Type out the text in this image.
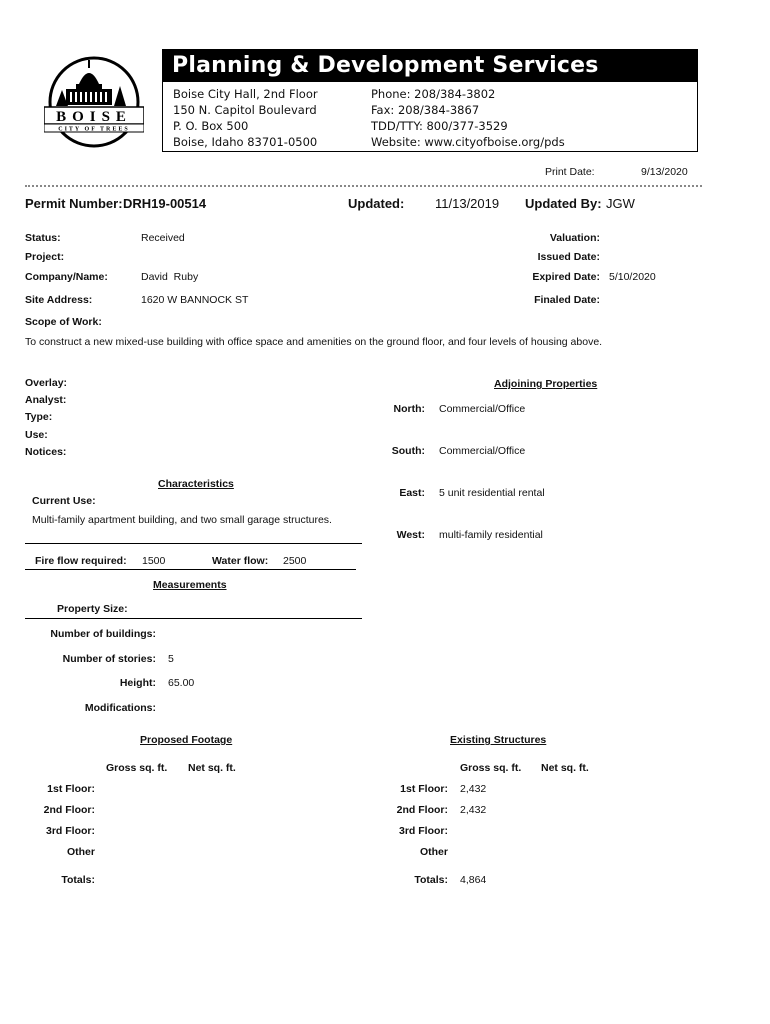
BOISE
CITY OF TREES
Planning & Development Services
Boise City Hall, 2nd Floor
150 N. Capitol Boulevard
P. O. Box 500
Boise, Idaho 83701-0500
Phone: 208/384-3802
Fax: 208/384-3867
TDD/TTY: 800/377-3529
Website: www.cityofboise.org/pds
Print Date:	9/13/2020
Permit Number: DRH19-00514	Updated: 11/13/2019 Updated By: JGW
Status:	Received
Project:
Company/Name:	David  Ruby
Site Address:	1620 W BANNOCK ST
Valuation:
Issued Date:
Expired Date: 5/10/2020
Finaled Date:
Scope of Work:
To construct a new mixed-use building with office space and amenities on the ground floor, and four levels of housing above.
Overlay:
Analyst:
Type:
Use:
Notices:
Adjoining Properties
North: Commercial/Office
South: Commercial/Office
East: 5 unit residential rental
West: multi-family residential
Characteristics
Current Use:
Multi-family apartment building, and two small garage structures.
Fire flow required: 1500	Water flow: 2500
Measurements
Property Size:
Number of buildings:
Number of stories: 5
Height: 65.00
Modifications:
Proposed Footage
Gross sq. ft. Net sq. ft.
Existing Structures
Gross sq. ft. Net sq. ft.
1st Floor:
2nd Floor:
3rd Floor:
Other
Totals:
1st Floor: 2,432
2nd Floor: 2,432
3rd Floor:
Other
Totals: 4,864
